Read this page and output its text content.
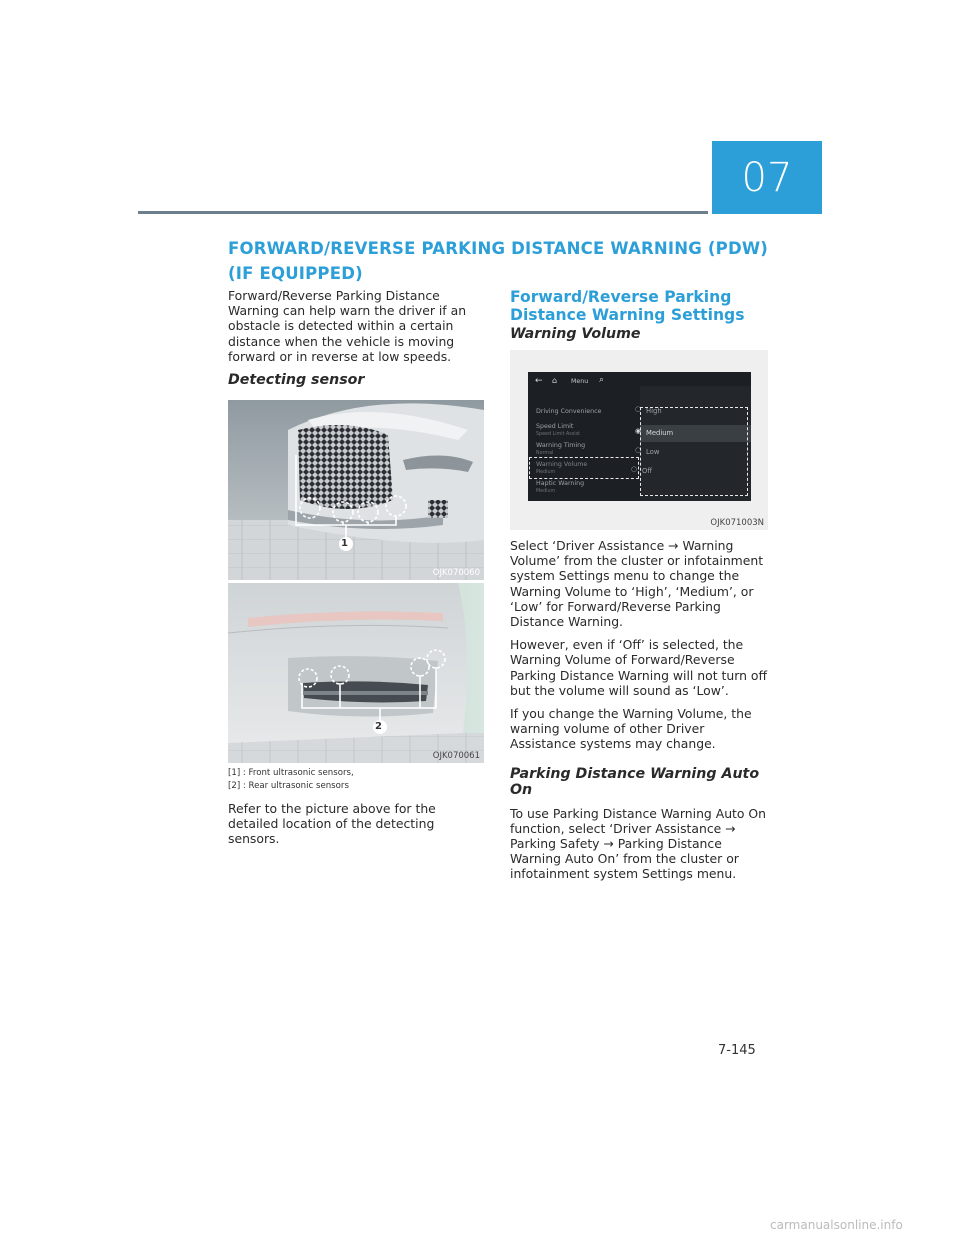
07
FORWARD/REVERSE PARKING DISTANCE WARNING (PDW) (IF EQUIPPED)

Forward/Reverse Parking Distance Warning can help warn the driver if an obstacle is detected within a certain distance when the vehicle is moving forward or in reverse at low speeds.

Detecting sensor
1
OJK070060
2
OJK070061
[1] : Front ultrasonic sensors,
[2] : Rear ultrasonic sensors

Refer to the picture above for the detailed location of the detecting sensors.

Forward/Reverse Parking Distance Warning Settings
Warning Volume
← ⌂ Menu ⌕
Driving Convenience
Speed Limit
Speed Limit Assist
Warning Timing
Normal
Warning Volume
Medium
Haptic Warning
Medium
○ High
◉ Medium
○ Low
○ Off
OJK071003N

Select ‘Driver Assistance → Warning Volume’ from the cluster or infotainment system Settings menu to change the Warning Volume to ‘High’, ‘Medium’, or ‘Low’ for Forward/Reverse Parking Distance Warning.

However, even if ‘Off’ is selected, the Warning Volume of Forward/Reverse Parking Distance Warning will not turn off but the volume will sound as ‘Low’.

If you change the Warning Volume, the warning volume of other Driver Assistance systems may change.

Parking Distance Warning Auto On

To use Parking Distance Warning Auto On function, select ‘Driver Assistance → Parking Safety → Parking Distance Warning Auto On’ from the cluster or infotainment system Settings menu.

7-145
carmanualsonline.info
